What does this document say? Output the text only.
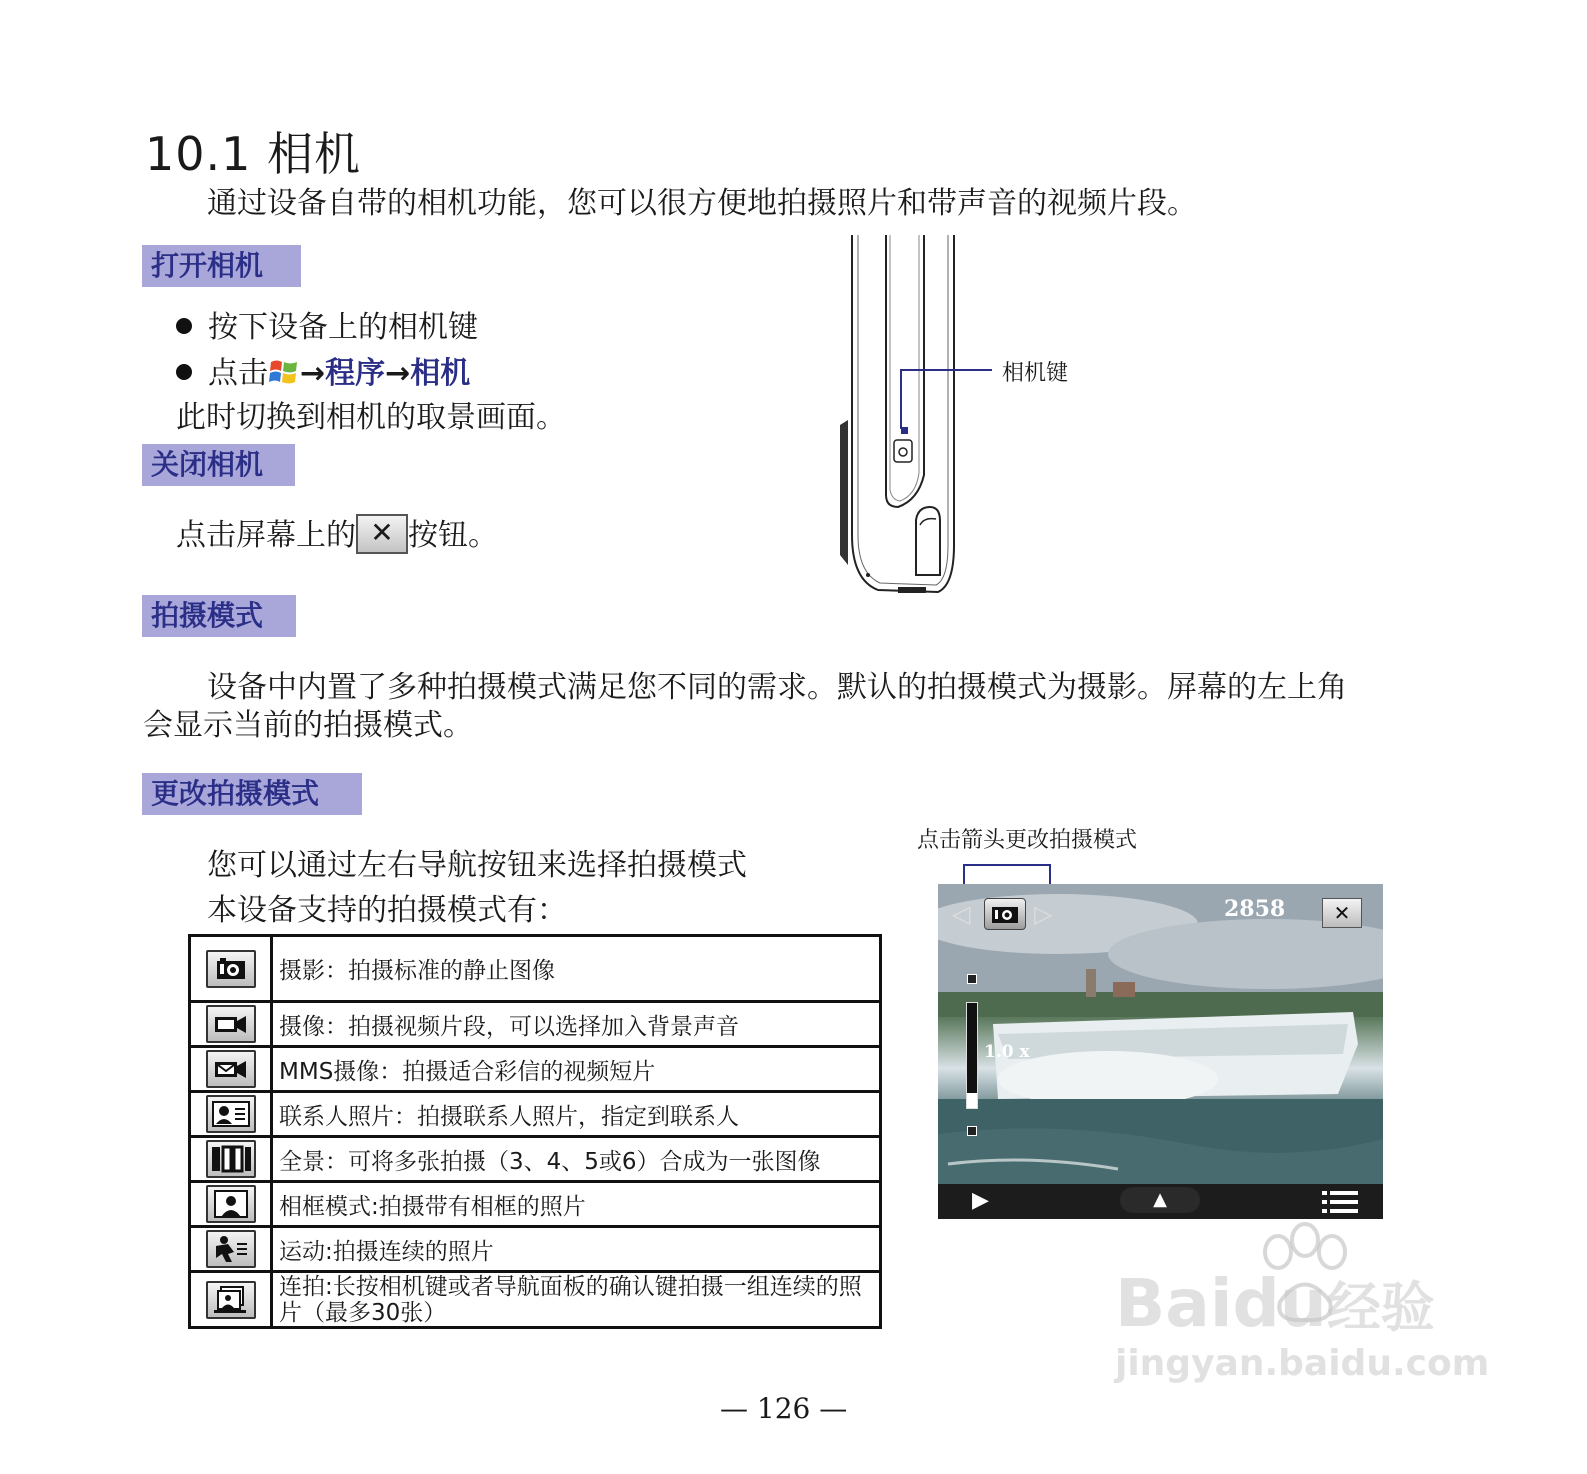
10.1 相机
通过设备自带的相机功能，您可以很方便地拍摄照片和带声音的视频片段。
打开相机
按下设备上的相机键
点击 →程序→相机
此时切换到相机的取景画面。
关闭相机
点击屏幕上的 ✕ 按钮。
相机键
拍摄模式
设备中内置了多种拍摄模式满足您不同的需求。默认的拍摄模式为摄影。屏幕的左上角
会显示当前的拍摄模式。
更改拍摄模式
您可以通过左右导航按钮来选择拍摄模式
本设备支持的拍摄模式有：
	摄影：拍摄标准的静止图像
	摄像：拍摄视频片段，可以选择加入背景声音
	MMS摄像：拍摄适合彩信的视频短片
	联系人照片：拍摄联系人照片，指定到联系人
	全景：可将多张拍摄（3、4、5或6）合成为一张图像
	相框模式:拍摄带有相框的照片
	运动:拍摄连续的照片
	连拍:长按相机键或者导航面板的确认键拍摄一组连续的照片（最多30张）
点击箭头更改拍摄模式
◁	▷	2858	✕
1.0 x
▶	▲
Baidu经验
jingyan.baidu.com
— 126 —
